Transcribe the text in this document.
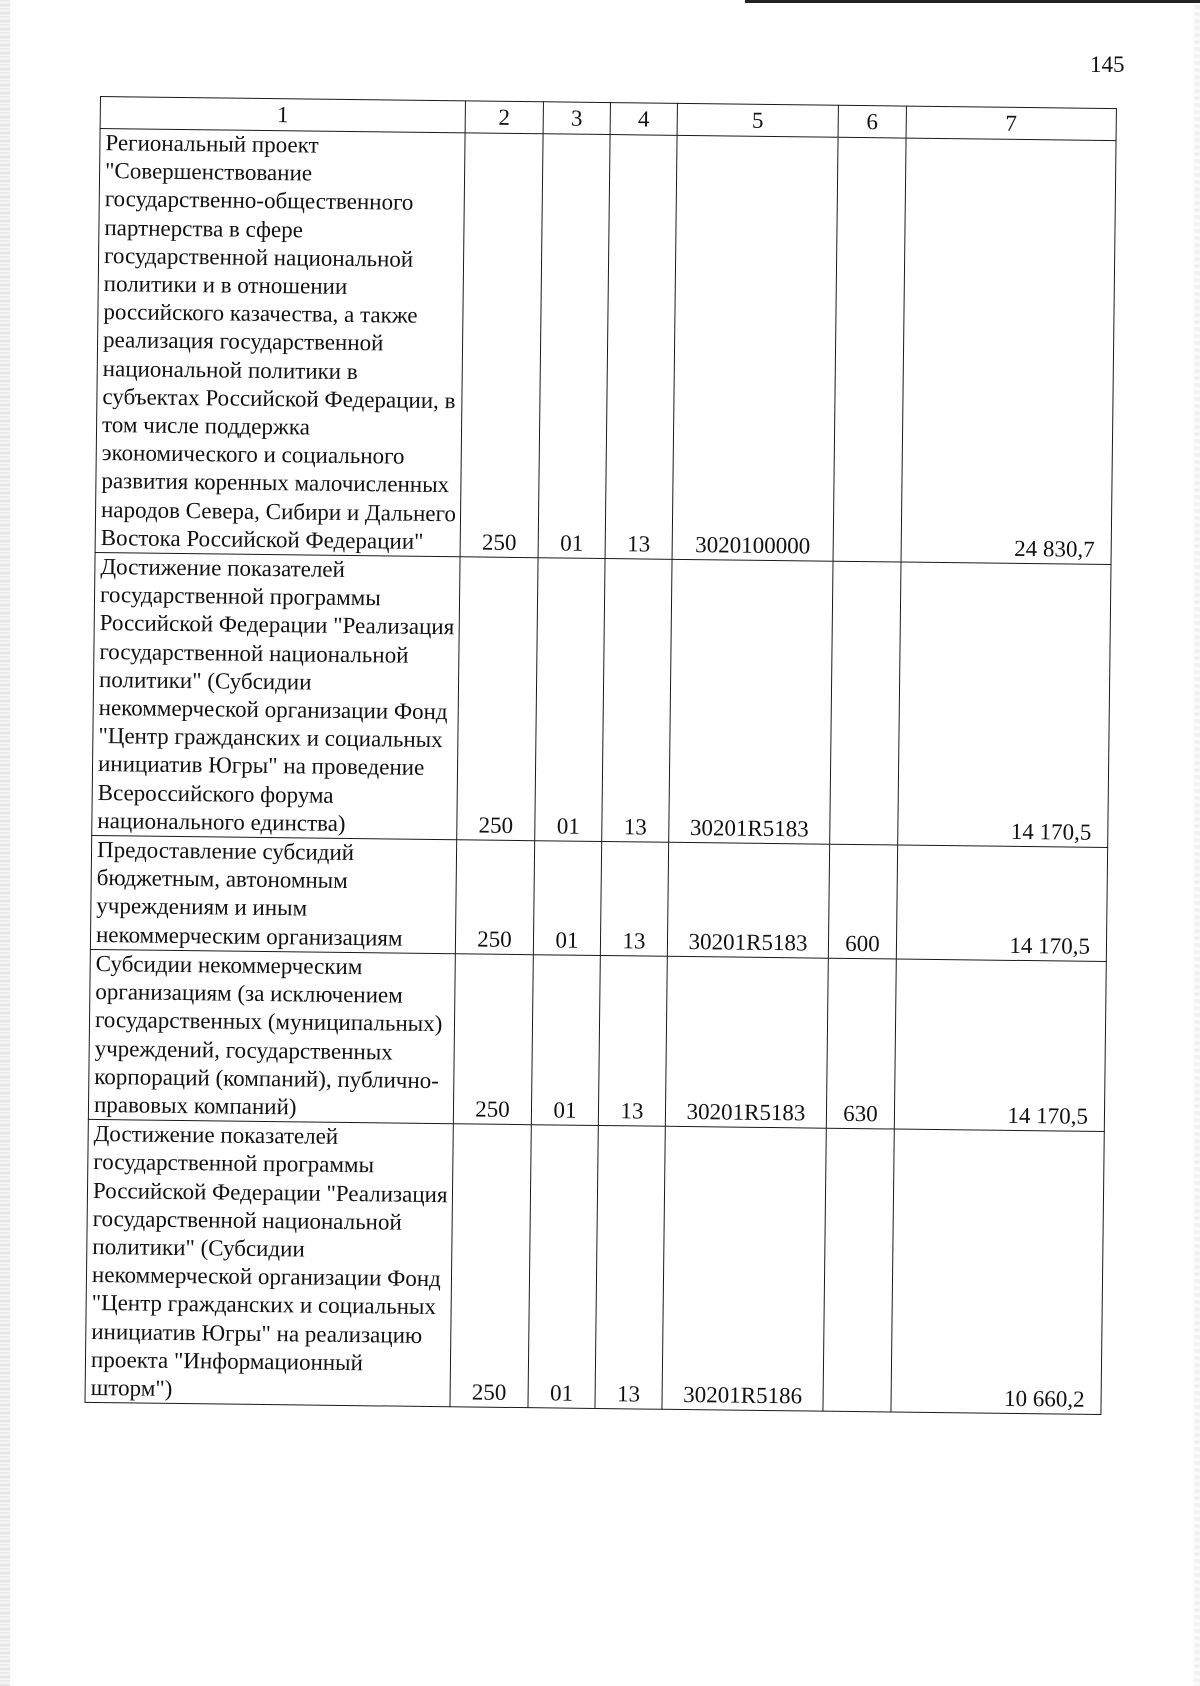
145
1	2	3	4	5	6	7
Региональный проект "Совершенствование государственно-общественного партнерства в сфере государственной национальной политики и в отношении российского казачества, а также реализация государственной национальной политики в субъектах Российской Федерации, в том числе поддержка экономического и социального развития коренных малочисленных народов Севера, Сибири и Дальнего Востока Российской Федерации"	250	01	13	3020100000		24 830,7
Достижение показателей государственной программы Российской Федерации "Реализация государственной национальной политики" (Субсидии некоммерческой организации Фонд "Центр гражданских и социальных инициатив Югры" на проведение Всероссийского форума национального единства)	250	01	13	30201R5183		14 170,5
Предоставление субсидий бюджетным, автономным учреждениям и иным некоммерческим организациям	250	01	13	30201R5183	600	14 170,5
Субсидии некоммерческим организациям (за исключением государственных (муниципальных) учреждений, государственных корпораций (компаний), публично-правовых компаний)	250	01	13	30201R5183	630	14 170,5
Достижение показателей государственной программы Российской Федерации "Реализация государственной национальной политики" (Субсидии некоммерческой организации Фонд "Центр гражданских и социальных инициатив Югры" на реализацию проекта "Информационный шторм")	250	01	13	30201R5186		10 660,2
